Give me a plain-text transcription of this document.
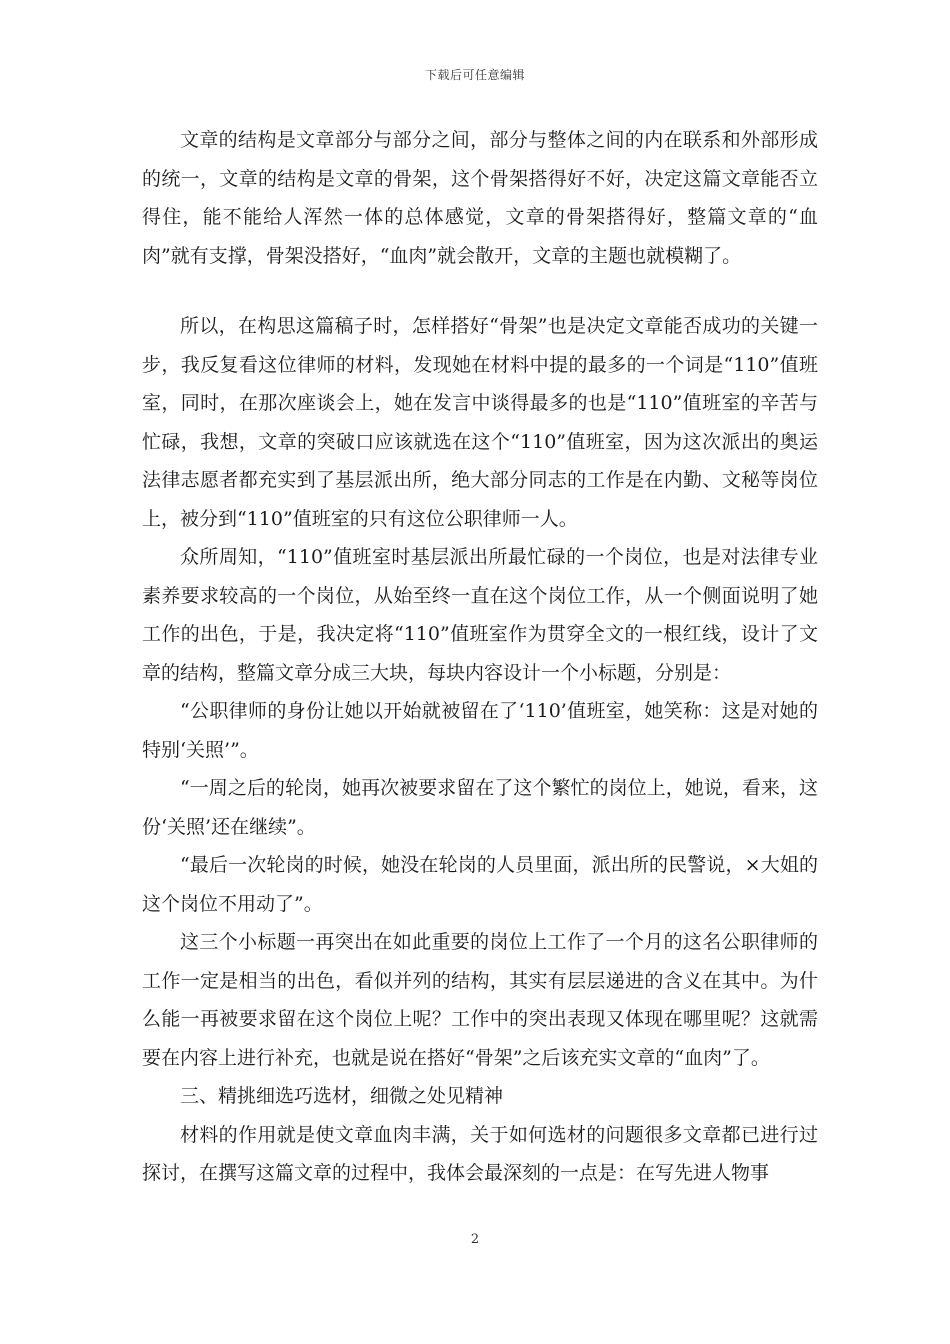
下载后可任意编辑

文章的结构是文章部分与部分之间，部分与整体之间的内在联系和外部形成的统一，文章的结构是文章的骨架，这个骨架搭得好不好，决定这篇文章能否立得住，能不能给人浑然一体的总体感觉，文章的骨架搭得好，整篇文章的“血肉”就有支撑，骨架没搭好，“血肉”就会散开，文章的主题也就模糊了。

所以，在构思这篇稿子时，怎样搭好“骨架”也是决定文章能否成功的关键一步，我反复看这位律师的材料，发现她在材料中提的最多的一个词是“110”值班室，同时，在那次座谈会上，她在发言中谈得最多的也是“110”值班室的辛苦与忙碌，我想，文章的突破口应该就选在这个“110”值班室，因为这次派出的奥运法律志愿者都充实到了基层派出所，绝大部分同志的工作是在内勤、文秘等岗位上，被分到“110”值班室的只有这位公职律师一人。

众所周知，“110”值班室时基层派出所最忙碌的一个岗位，也是对法律专业素养要求较高的一个岗位，从始至终一直在这个岗位工作，从一个侧面说明了她工作的出色，于是，我决定将“110”值班室作为贯穿全文的一根红线，设计了文章的结构，整篇文章分成三大块，每块内容设计一个小标题，分别是：

“公职律师的身份让她以开始就被留在了‘110’值班室，她笑称：这是对她的特别‘关照’”。

“一周之后的轮岗，她再次被要求留在了这个繁忙的岗位上，她说，看来，这份‘关照’还在继续”。

“最后一次轮岗的时候，她没在轮岗的人员里面，派出所的民警说，×大姐的这个岗位不用动了”。

这三个小标题一再突出在如此重要的岗位上工作了一个月的这名公职律师的工作一定是相当的出色，看似并列的结构，其实有层层递进的含义在其中。为什么能一再被要求留在这个岗位上呢？工作中的突出表现又体现在哪里呢？这就需要在内容上进行补充，也就是说在搭好“骨架”之后该充实文章的“血肉”了。

三、精挑细选巧选材，细微之处见精神

材料的作用就是使文章血肉丰满，关于如何选材的问题很多文章都已进行过探讨，在撰写这篇文章的过程中，我体会最深刻的一点是：在写先进人物事

2
